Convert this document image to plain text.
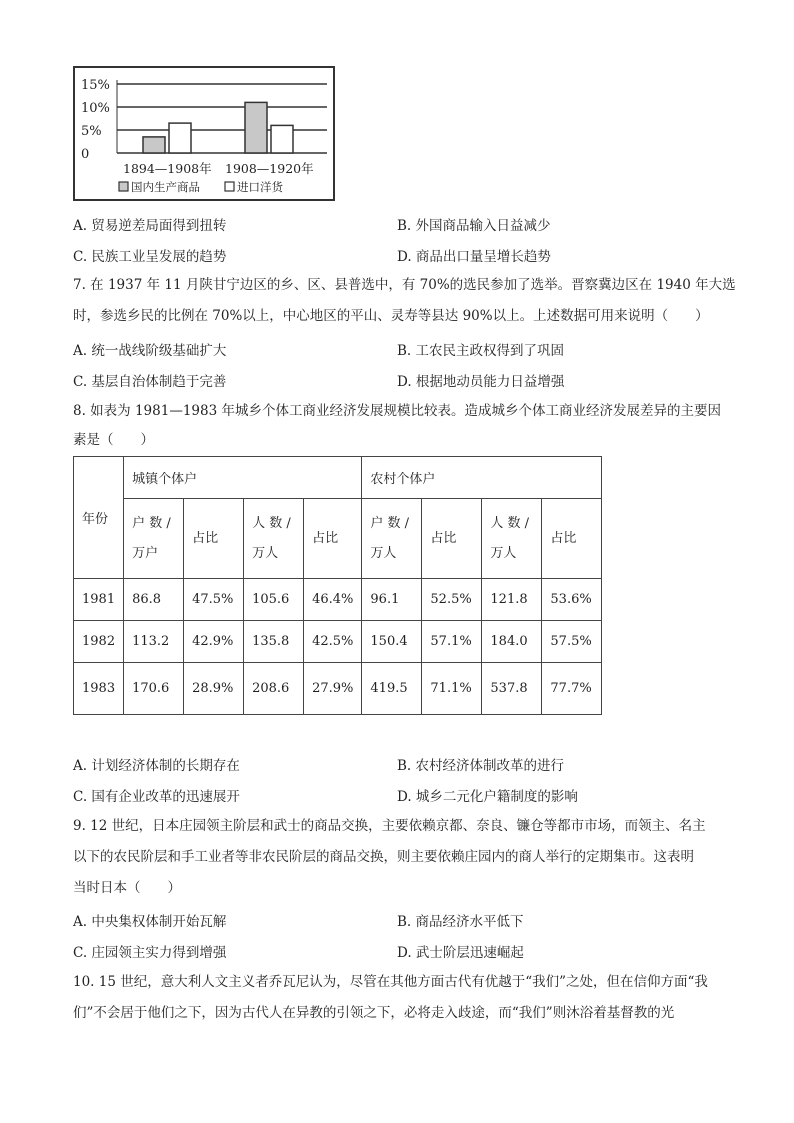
15%
10%
5%
0
1894—1908年 1908—1920年
国内生产商品	进口洋货
A. 贸易逆差局面得到扭转	B. 外国商品输入日益减少
C. 民族工业呈发展的趋势	D. 商品出口量呈增长趋势
7. 在 1937 年 11 月陕甘宁边区的乡、区、县普选中，有 70%的选民参加了选举。晋察冀边区在 1940 年大选
时，参选乡民的比例在 70%以上，中心地区的平山、灵寿等县达 90%以上。上述数据可用来说明（　　）
A. 统一战线阶级基础扩大	B. 工农民主政权得到了巩固
C. 基层自治体制趋于完善	D. 根据地动员能力日益增强
8. 如表为 1981—1983 年城乡个体工商业经济发展规模比较表。造成城乡个体工商业经济发展差异的主要因
素是（　　）
年份	城镇个体户				农村个体户			
	户 数 / 万户	占比	人 数 / 万人	占比	户 数 / 万人	占比	人 数 / 万人	占比
1981	86.8	47.5%	105.6	46.4%	96.1	52.5%	121.8	53.6%
1982	113.2	42.9%	135.8	42.5%	150.4	57.1%	184.0	57.5%
1983	170.6	28.9%	208.6	27.9%	419.5	71.1%	537.8	77.7%
A. 计划经济体制的长期存在	B. 农村经济体制改革的进行
C. 国有企业改革的迅速展开	D. 城乡二元化户籍制度的影响
9. 12 世纪，日本庄园领主阶层和武士的商品交换，主要依赖京都、奈良、镰仓等都市市场，而领主、名主
以下的农民阶层和手工业者等非农民阶层的商品交换，则主要依赖庄园内的商人举行的定期集市。这表明
当时日本（　　）
A. 中央集权体制开始瓦解	B. 商品经济水平低下
C. 庄园领主实力得到增强	D. 武士阶层迅速崛起
10. 15 世纪，意大利人文主义者乔瓦尼认为，尽管在其他方面古代有优越于“我们”之处，但在信仰方面“我
们”不会居于他们之下，因为古代人在异教的引领之下，必将走入歧途，而“我们”则沐浴着基督教的光
